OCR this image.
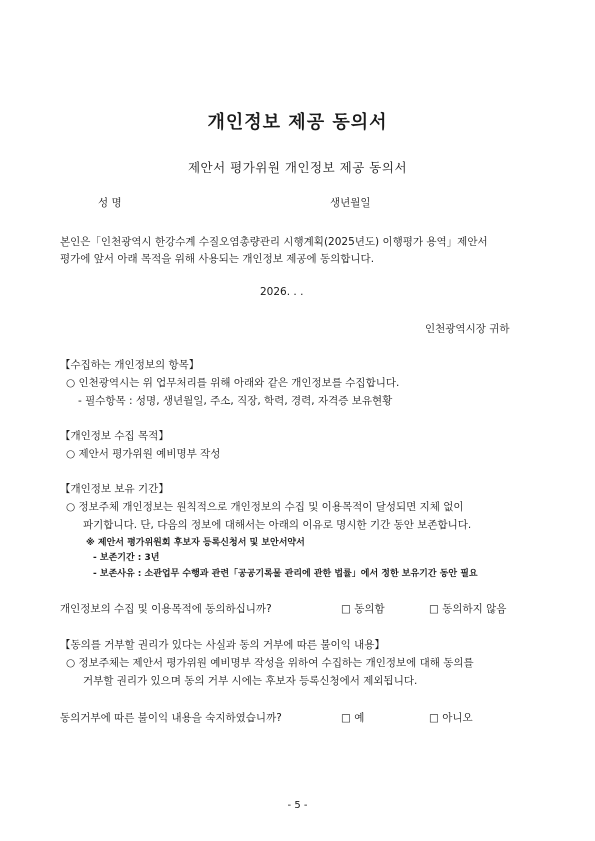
개인정보 제공 동의서
제안서 평가위원 개인정보 제공 동의서
성 명	생년월일
본인은「인천광역시 한강수계 수질오염총량관리 시행계획(2025년도) 이행평가 용역」제안서
평가에 앞서 아래 목적을 위해 사용되는 개인정보 제공에 동의합니다.
2026. . .
인천광역시장 귀하
【수집하는 개인정보의 항목】
○ 인천광역시는 위 업무처리를 위해 아래와 같은 개인정보를 수집합니다.
- 필수항목 : 성명, 생년월일, 주소, 직장, 학력, 경력, 자격증 보유현황
【개인정보 수집 목적】
○ 제안서 평가위원 예비명부 작성
【개인정보 보유 기간】
○ 정보주체 개인정보는 원칙적으로 개인정보의 수집 및 이용목적이 달성되면 지체 없이
파기합니다. 단, 다음의 정보에 대해서는 아래의 이유로 명시한 기간 동안 보존합니다.
※ 제안서 평가위원회 후보자 등록신청서 및 보안서약서
- 보존기간 : 3년
- 보존사유 : 소관업무 수행과 관련「공공기록물 관리에 관한 법률」에서 정한 보유기간 동안 필요
개인정보의 수집 및 이용목적에 동의하십니까?	□ 동의함	□ 동의하지 않음
【동의를 거부할 권리가 있다는 사실과 동의 거부에 따른 불이익 내용】
○ 정보주체는 제안서 평가위원 예비명부 작성을 위하여 수집하는 개인정보에 대해 동의를
거부할 권리가 있으며 동의 거부 시에는 후보자 등록신청에서 제외됩니다.
동의거부에 따른 불이익 내용을 숙지하였습니까?	□ 예	□ 아니오
- 5 -
